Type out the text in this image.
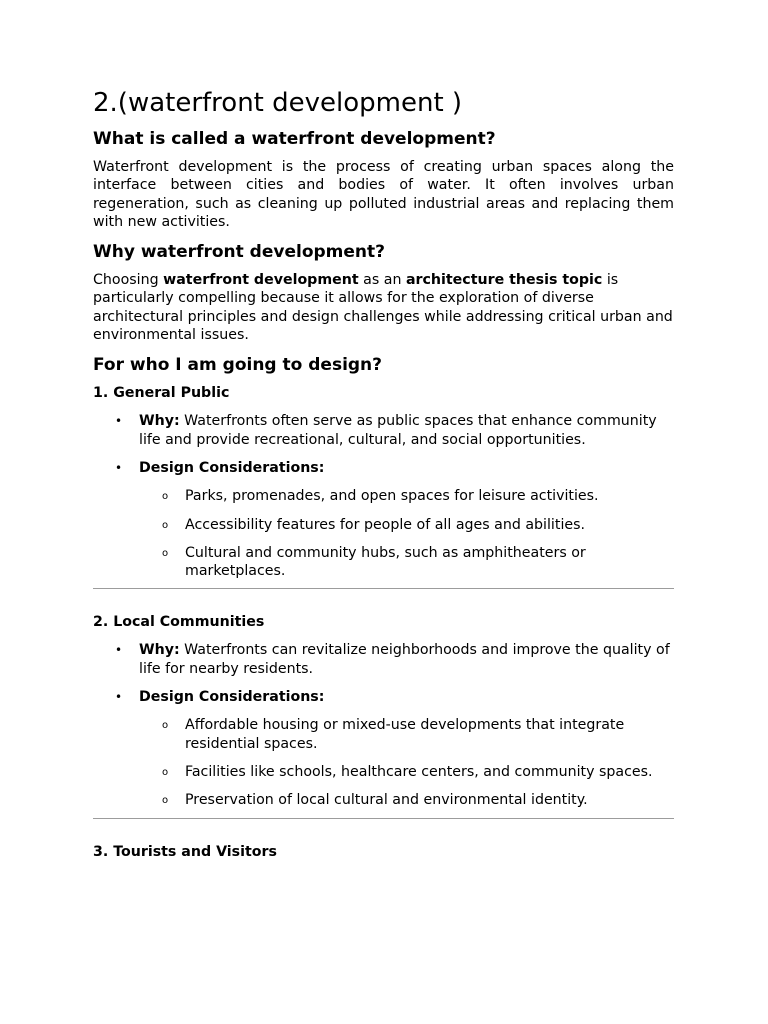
2.(waterfront development )
What is called a waterfront development?

Waterfront development is the process of creating urban spaces along the interface between cities and bodies of water. It often involves urban regeneration, such as cleaning up polluted industrial areas and replacing them with new activities.

Why waterfront development?

Choosing waterfront development as an architecture thesis topic is particularly compelling because it allows for the exploration of diverse architectural principles and design challenges while addressing critical urban and environmental issues.

For who I am going to design?
1. General Public
• Why: Waterfronts often serve as public spaces that enhance community life and provide recreational, cultural, and social opportunities.
• Design Considerations:
o Parks, promenades, and open spaces for leisure activities.
o Accessibility features for people of all ages and abilities.
o Cultural and community hubs, such as amphitheaters or marketplaces.
2. Local Communities
• Why: Waterfronts can revitalize neighborhoods and improve the quality of life for nearby residents.
• Design Considerations:
o Affordable housing or mixed-use developments that integrate residential spaces.
o Facilities like schools, healthcare centers, and community spaces.
o Preservation of local cultural and environmental identity.
3. Tourists and Visitors
